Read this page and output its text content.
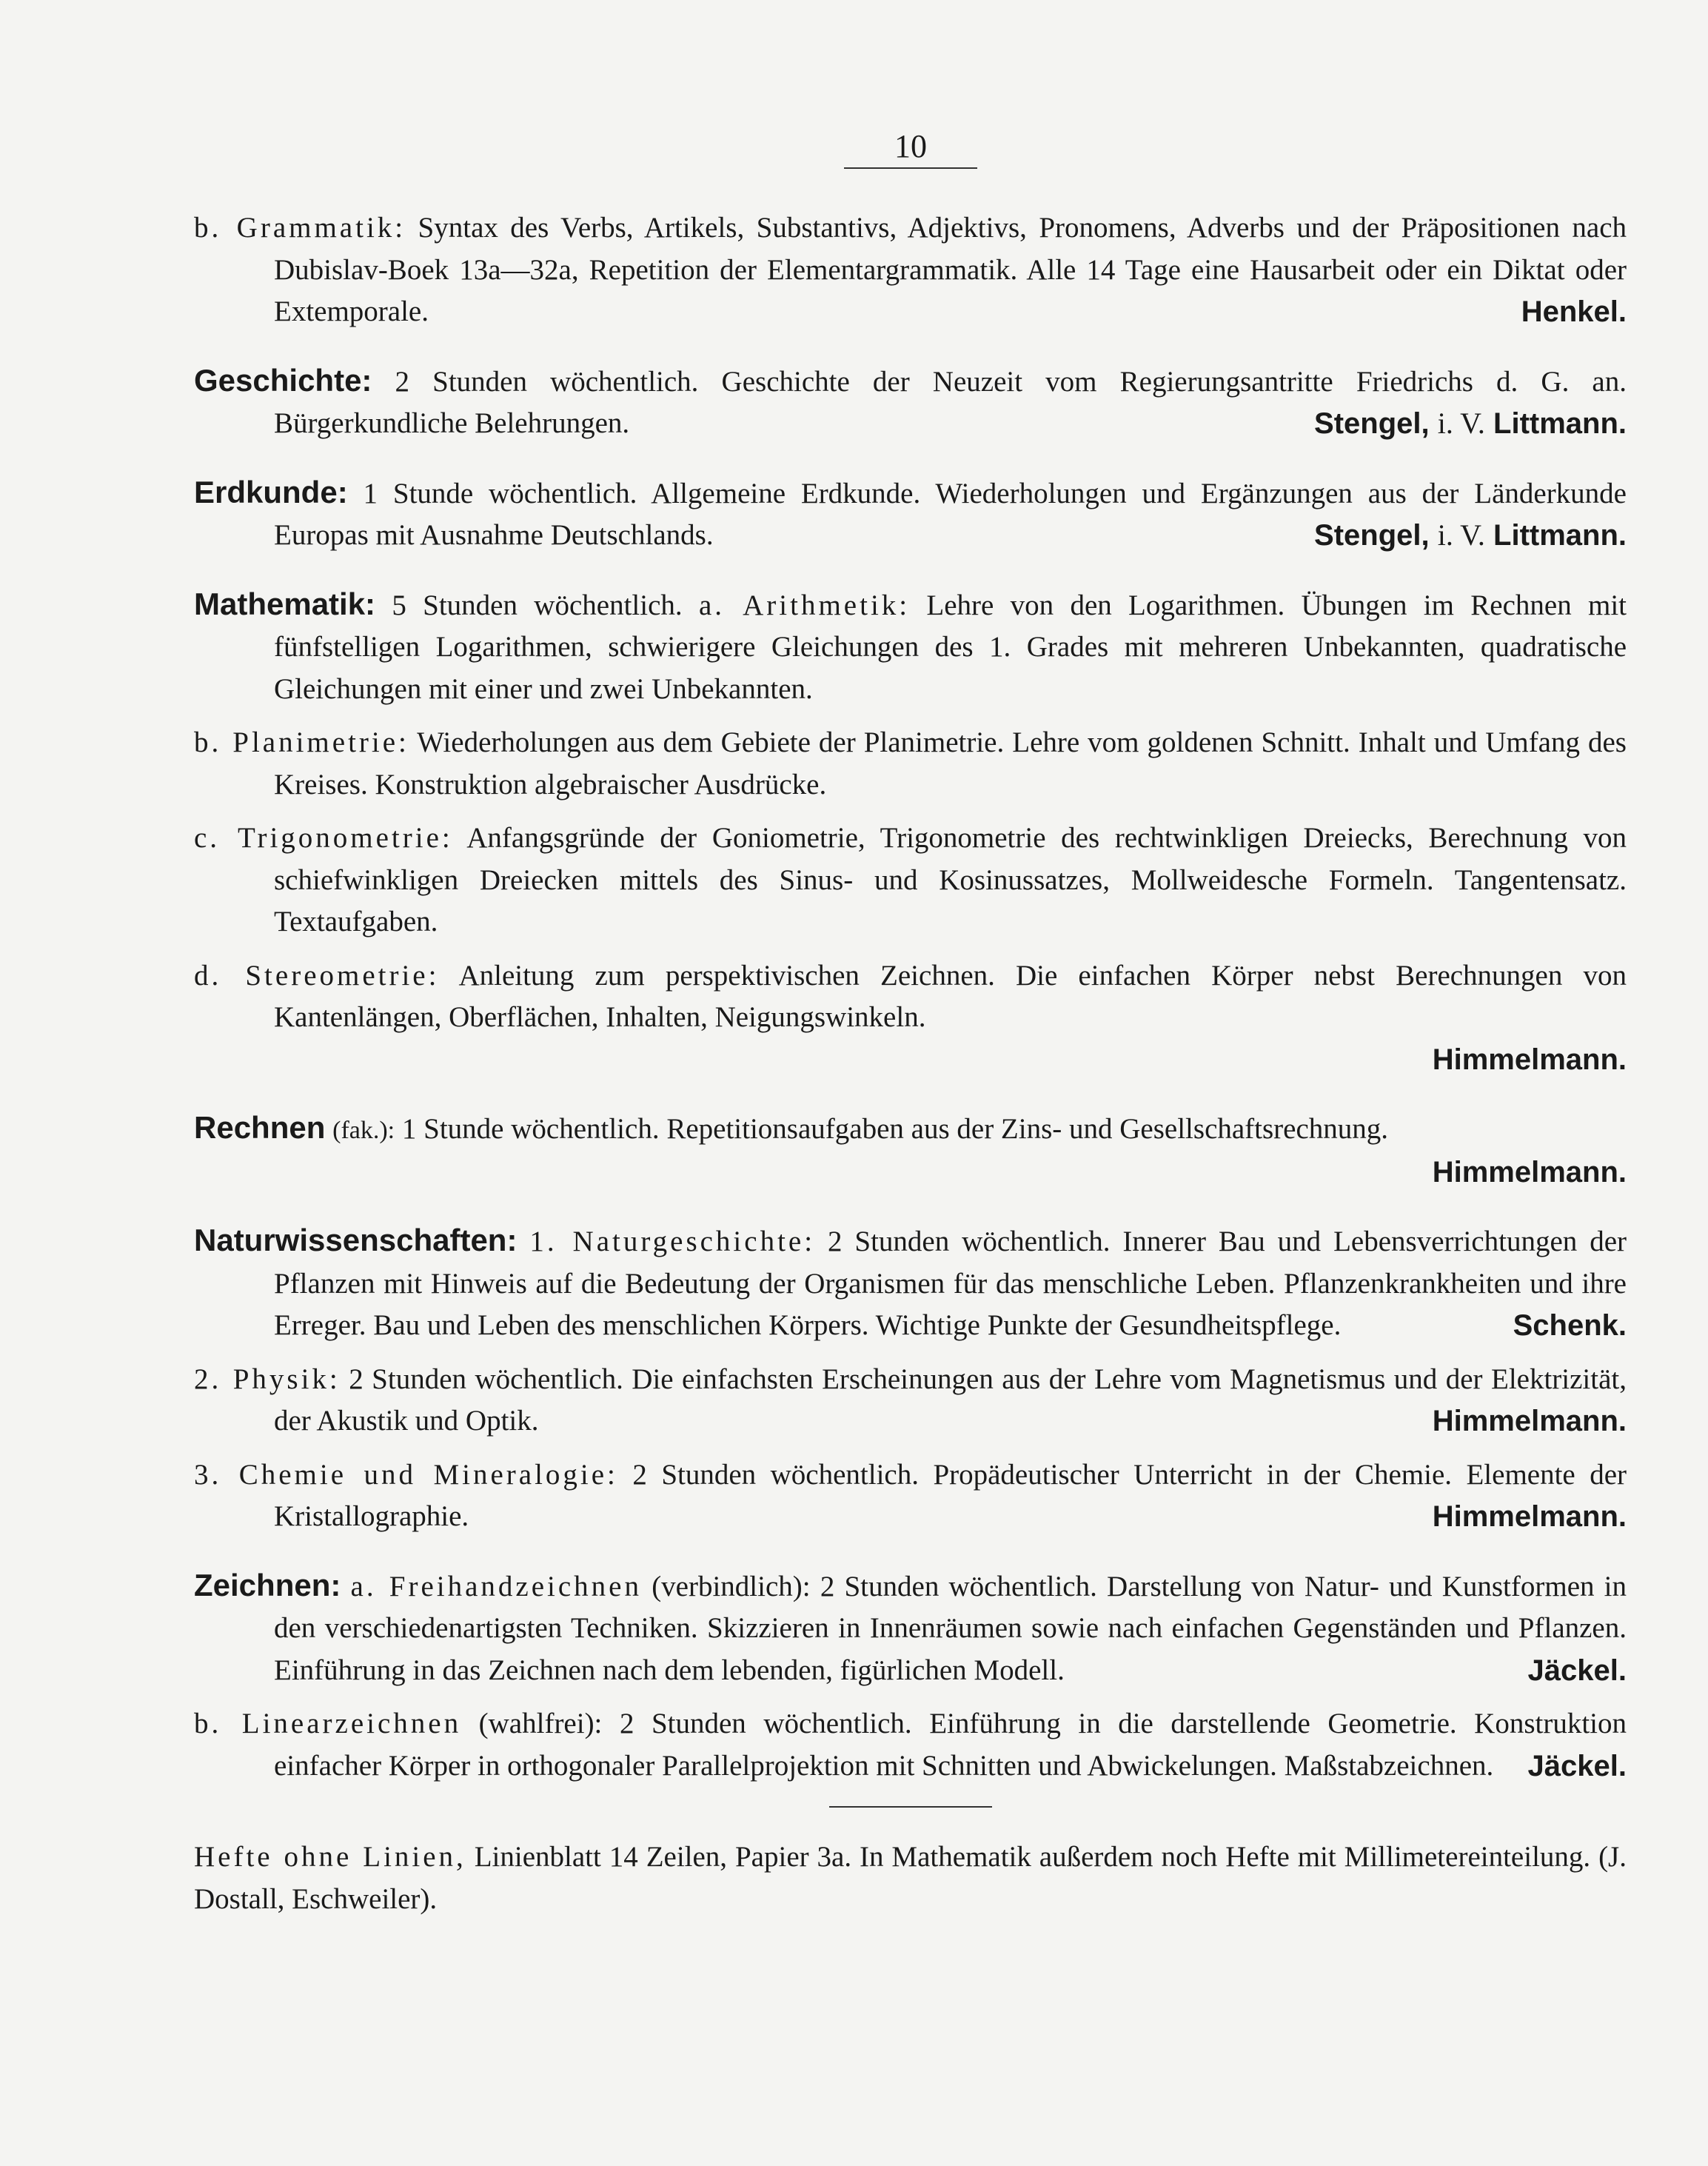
10

b. Grammatik: Syntax des Verbs, Artikels, Substantivs, Adjektivs, Pronomens, Adverbs und der Präpositionen nach Dubislav-Boek 13a—32a, Repetition der Elementargrammatik. Alle 14 Tage eine Hausarbeit oder ein Diktat oder Extemporale.	Henkel.

Geschichte: 2 Stunden wöchentlich. Geschichte der Neuzeit vom Regierungsantritte Friedrichs d. G. an. Bürgerkundliche Belehrungen.	Stengel, i. V. Littmann.

Erdkunde: 1 Stunde wöchentlich. Allgemeine Erdkunde. Wiederholungen und Ergänzungen aus der Länderkunde Europas mit Ausnahme Deutschlands.	Stengel, i. V. Littmann.

Mathematik: 5 Stunden wöchentlich. a. Arithmetik: Lehre von den Logarithmen. Übungen im Rechnen mit fünfstelligen Logarithmen, schwierigere Gleichungen des 1. Grades mit mehreren Unbekannten, quadratische Gleichungen mit einer und zwei Unbekannten.

b. Planimetrie: Wiederholungen aus dem Gebiete der Planimetrie. Lehre vom goldenen Schnitt. Inhalt und Umfang des Kreises. Konstruktion algebraischer Ausdrücke.

c. Trigonometrie: Anfangsgründe der Goniometrie, Trigonometrie des rechtwinkligen Dreiecks, Berechnung von schiefwinkligen Dreiecken mittels des Sinus- und Kosinussatzes, Mollweidesche Formeln. Tangentensatz. Textaufgaben.

d. Stereometrie: Anleitung zum perspektivischen Zeichnen. Die einfachen Körper nebst Berechnungen von Kantenlängen, Oberflächen, Inhalten, Neigungswinkeln.

Himmelmann.

Rechnen (fak.): 1 Stunde wöchentlich. Repetitionsaufgaben aus der Zins- und Gesellschaftsrechnung.

Himmelmann.

Naturwissenschaften: 1. Naturgeschichte: 2 Stunden wöchentlich. Innerer Bau und Lebensverrichtungen der Pflanzen mit Hinweis auf die Bedeutung der Organismen für das menschliche Leben. Pflanzenkrankheiten und ihre Erreger. Bau und Leben des menschlichen Körpers. Wichtige Punkte der Gesundheitspflege.	Schenk.

2. Physik: 2 Stunden wöchentlich. Die einfachsten Erscheinungen aus der Lehre vom Magnetismus und der Elektrizität, der Akustik und Optik.	Himmelmann.

3. Chemie und Mineralogie: 2 Stunden wöchentlich. Propädeutischer Unterricht in der Chemie. Elemente der Kristallographie.	Himmelmann.

Zeichnen: a. Freihandzeichnen (verbindlich): 2 Stunden wöchentlich. Darstellung von Natur- und Kunstformen in den verschiedenartigsten Techniken. Skizzieren in Innenräumen sowie nach einfachen Gegenständen und Pflanzen. Einführung in das Zeichnen nach dem lebenden, figürlichen Modell.	Jäckel.

b. Linearzeichnen (wahlfrei): 2 Stunden wöchentlich. Einführung in die darstellende Geometrie. Konstruktion einfacher Körper in orthogonaler Parallelprojektion mit Schnitten und Abwickelungen. Maßstabzeichnen. Jäckel.

Hefte ohne Linien, Linienblatt 14 Zeilen, Papier 3a. In Mathematik außerdem noch Hefte mit Millimetereinteilung. (J. Dostall, Eschweiler).
